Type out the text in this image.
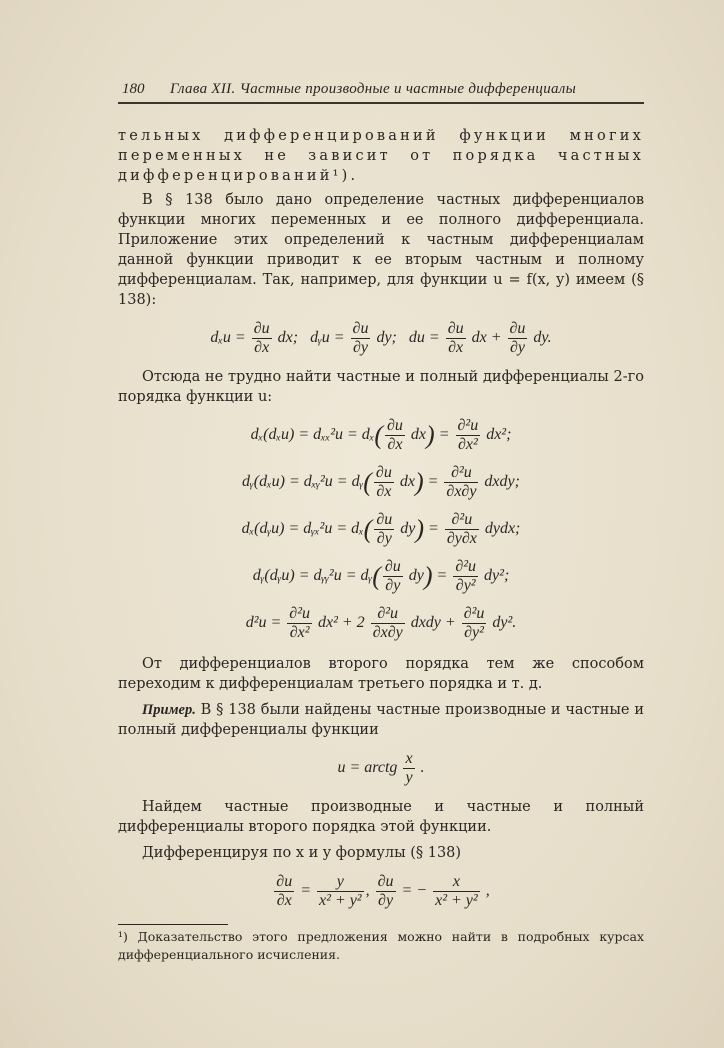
180 Глава XII. Частные производные и частные дифференциалы

тельных дифференцирований функции многих переменных не зависит от порядка частных дифференцирований¹).

В § 138 было дано определение частных дифференциалов функции многих переменных и ее полного дифференциала. Приложение этих определений к частным дифференциалам данной функции приводит к ее вторым частным и полному дифференциалам. Так, например, для функции u = f(x, y) имеем (§ 138):

$d_xu = \frac{\partial u}{\partial x}$ dx; dᵧu = $\frac{\partial u}{\partial y}$ dy; du = $\frac{\partial u}{\partial x}$ dx + $\frac{\partial u}{\partial y}$ dy.

Отсюда не трудно найти частные и полный дифференциалы 2-го порядка функции u:

$d_x(d_xu) = d_{xx}^2u = d_x( \frac{\partial u}{\partial x} dx) = \frac{\text{∂²u}}{\text{∂x²}} dx^2$;
dᵧ(dₓu) = dₓᵧ²u = dᵧ( $\frac{\partial u}{\partial x} dx) = \frac{\text{∂²u}}{\partial x\partial y}$ dxdy;
dₓ(dᵧu) = dᵧₓ²u = $d_x( \frac{\partial u}{\partial y} dy) = \frac{\text{∂²u}}{\partial y\partial x}$ dydx;
dᵧ(dᵧu) = dᵧᵧ²u = dᵧ( $\frac{\partial u}{\partial y} dy) = \frac{\text{∂²u}}{\text{∂y²}} dy^2$;
$d^2u = \frac{\text{∂²u}}{\text{∂x²}} dx^2 + 2 \frac{\text{∂²u}}{\partial x\partial y}$ dxdy + $\frac{\text{∂²u}}{\text{∂y²}} dy^2$.

От дифференциалов второго порядка тем же способом переходим к дифференциалам третьего порядка и т. д.

Пример. В § 138 были найдены частные производные и частные и полный дифференциалы функции

u = arctg $\frac{x}{y}$ .

Найдем частные производные и частные и полный дифференциалы второго порядка этой функции.

Дифференцируя по x и y формулы (§ 138)

$\frac{\partial u}{\partial x} = \frac{y}{\text{x² + y²}}$ , $\frac{\partial u}{\partial y}$ = − $\frac{x}{\text{x² + y²}}$ ,
¹) Доказательство этого предложения можно найти в подробных курсах дифференциального исчисления.
